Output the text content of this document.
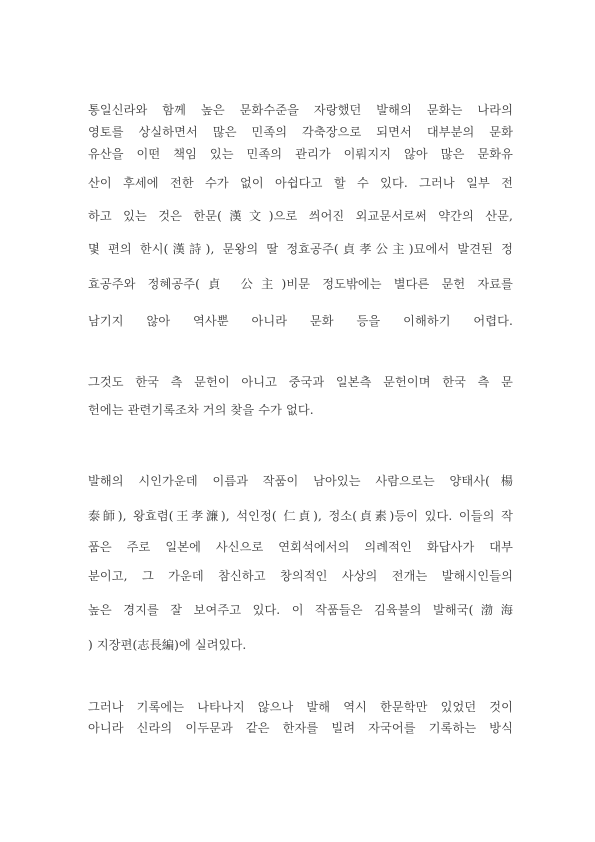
통일신라와 함께 높은 문화수준을 자랑했던 발해의 문화는 나라의
영토를 상실하면서 많은 민족의 각축장으로 되면서 대부분의 문화
유산을 이떤 책임 있는 민족의 관리가 이뤄지지 않아 많은 문화유
산이 후세에 전한 수가 없이 아쉽다고 할 수 있다. 그러나 일부 전
하고 있는 것은 한문(漢文)으로 씌어진 외교문서로써 약간의 산문,
몇 편의 한시(漢詩), 문왕의 딸 정효공주(貞孝公主)묘에서 발견된 정
효공주와 정혜공주(貞 公主)비문 정도밖에는 별다른 문헌 자료를
남기지 않아 역사뿐 아니라 문화 등을 이해하기 어렵다.
그것도 한국 측 문헌이 아니고 중국과 일본측 문헌이며 한국 측 문
헌에는 관련기록조차 거의 찾을 수가 없다.
발해의 시인가운데 이름과 작품이 남아있는 사람으로는 양태사(楊
泰師), 왕효렴(王孝濂), 석인정( 仁貞), 정소(貞素)등이 있다. 이들의 작
품은 주로 일본에 사신으로 연회석에서의 의례적인 화답사가 대부
분이고, 그 가운데 참신하고 창의적인 사상의 전개는 발해시인들의
높은 경지를 잘 보여주고 있다. 이 작품들은 김육불의 발해국(渤海
) 지장편(志長編)에 실려있다.
그러나 기록에는 나타나지 않으나 발해 역시 한문학만 있었던 것이
아니라 신라의 이두문과 같은 한자를 빌려 자국어를 기록하는 방식
